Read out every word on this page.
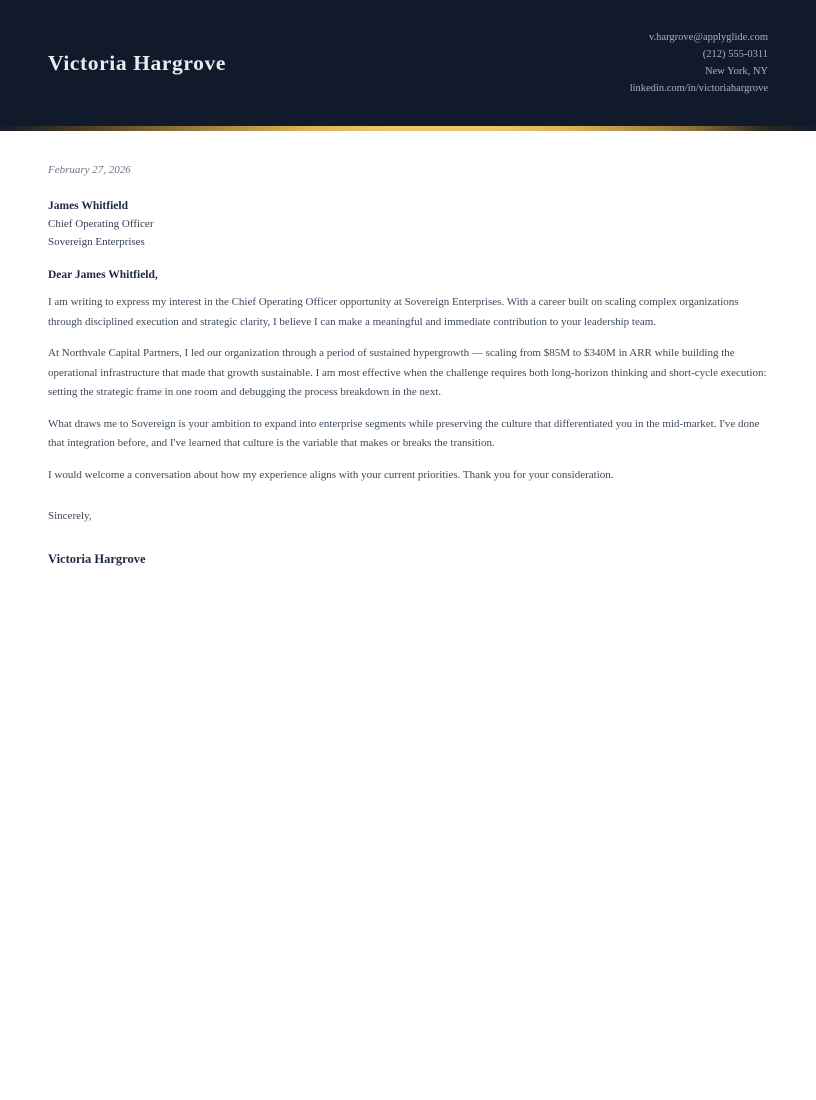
Victoria Hargrove
v.hargrove@applyglide.com
(212) 555-0311
New York, NY
linkedin.com/in/victoriahargrove
February 27, 2026
James Whitfield
Chief Operating Officer
Sovereign Enterprises
Dear James Whitfield,

I am writing to express my interest in the Chief Operating Officer opportunity at Sovereign Enterprises. With a career built on scaling complex organizations through disciplined execution and strategic clarity, I believe I can make a meaningful and immediate contribution to your leadership team.

At Northvale Capital Partners, I led our organization through a period of sustained hypergrowth — scaling from $85M to $340M in ARR while building the operational infrastructure that made that growth sustainable. I am most effective when the challenge requires both long-horizon thinking and short-cycle execution: setting the strategic frame in one room and debugging the process breakdown in the next.

What draws me to Sovereign is your ambition to expand into enterprise segments while preserving the culture that differentiated you in the mid-market. I've done that integration before, and I've learned that culture is the variable that makes or breaks the transition.

I would welcome a conversation about how my experience aligns with your current priorities. Thank you for your consideration.

Sincerely,
Victoria Hargrove
